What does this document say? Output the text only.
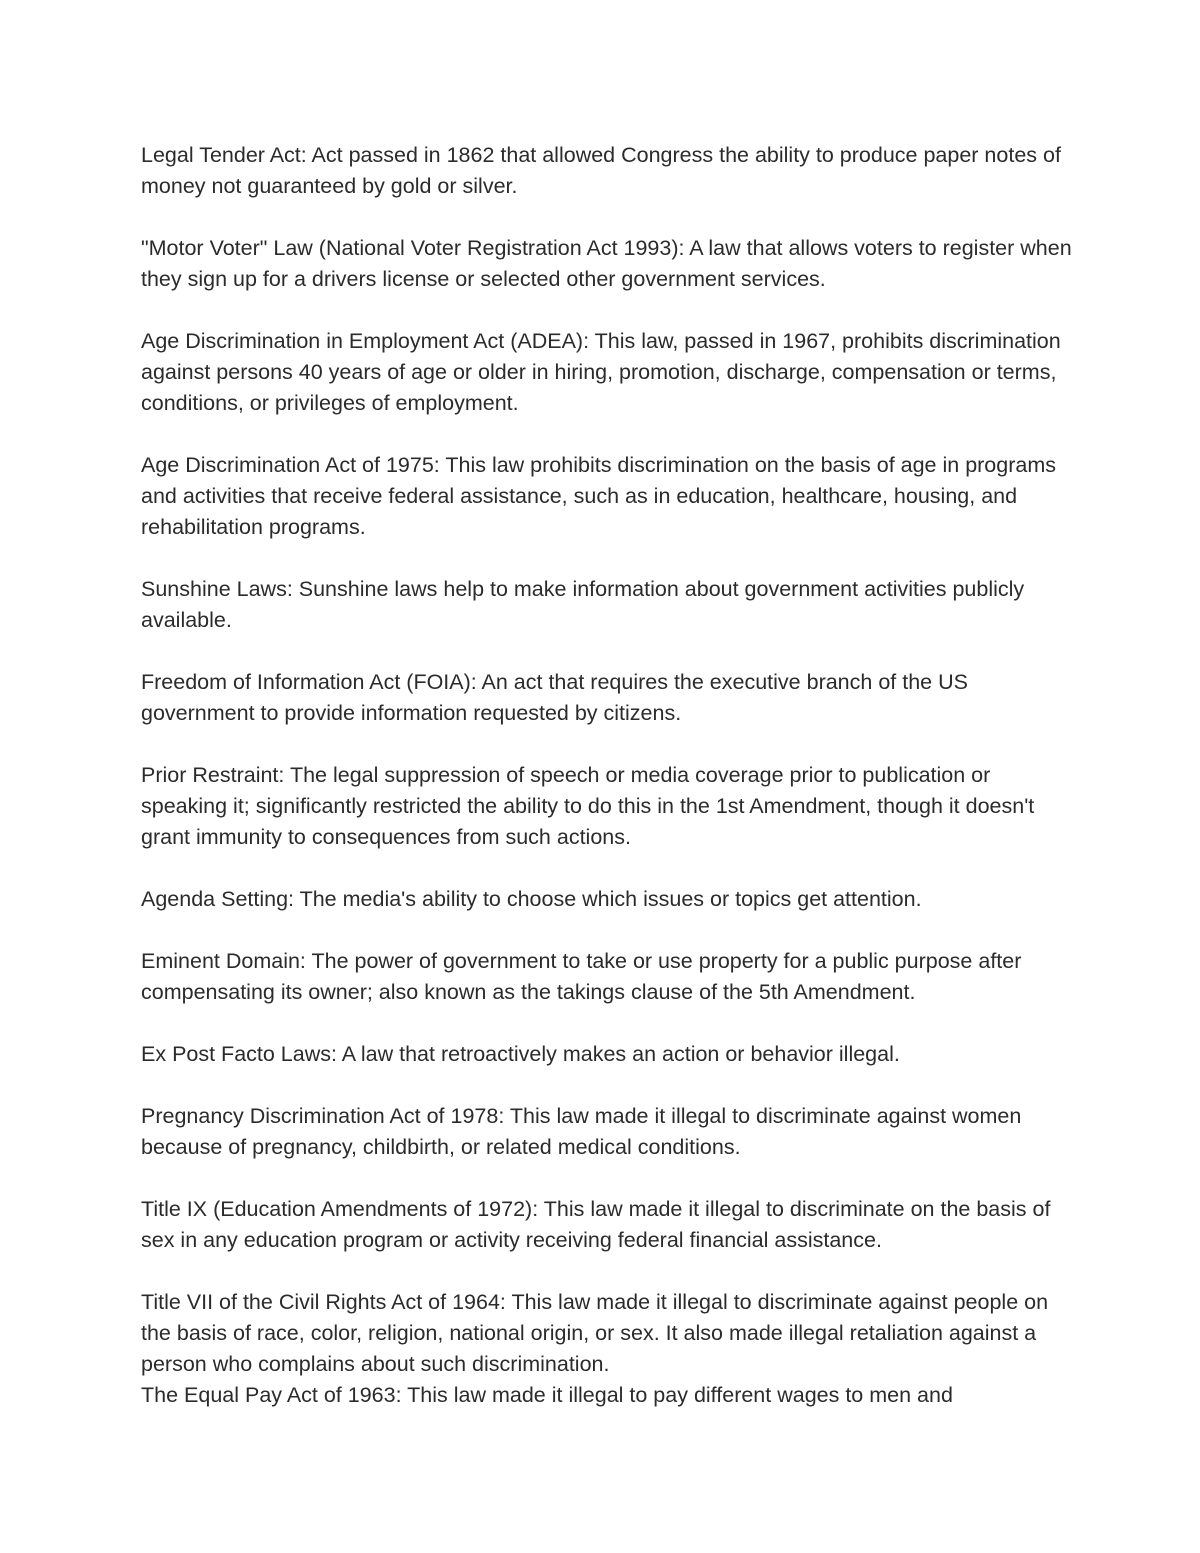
Legal Tender Act: Act passed in 1862 that allowed Congress the ability to produce paper notes of money not guaranteed by gold or silver.

"Motor Voter" Law (National Voter Registration Act 1993): A law that allows voters to register when they sign up for a drivers license or selected other government services.

Age Discrimination in Employment Act (ADEA): This law, passed in 1967, prohibits discrimination against persons 40 years of age or older in hiring, promotion, discharge, compensation or terms, conditions, or privileges of employment.

Age Discrimination Act of 1975: This law prohibits discrimination on the basis of age in programs and activities that receive federal assistance, such as in education, healthcare, housing, and rehabilitation programs.

Sunshine Laws: Sunshine laws help to make information about government activities publicly available.

Freedom of Information Act (FOIA): An act that requires the executive branch of the US government to provide information requested by citizens.

Prior Restraint: The legal suppression of speech or media coverage prior to publication or speaking it; significantly restricted the ability to do this in the 1st Amendment, though it doesn't grant immunity to consequences from such actions.

Agenda Setting: The media's ability to choose which issues or topics get attention.

Eminent Domain: The power of government to take or use property for a public purpose after compensating its owner; also known as the takings clause of the 5th Amendment.

Ex Post Facto Laws: A law that retroactively makes an action or behavior illegal.

Pregnancy Discrimination Act of 1978: This law made it illegal to discriminate against women because of pregnancy, childbirth, or related medical conditions.

Title IX (Education Amendments of 1972): This law made it illegal to discriminate on the basis of sex in any education program or activity receiving federal financial assistance.

Title VII of the Civil Rights Act of 1964: This law made it illegal to discriminate against people on the basis of race, color, religion, national origin, or sex. It also made illegal retaliation against a person who complains about such discrimination.

The Equal Pay Act of 1963: This law made it illegal to pay different wages to men and
